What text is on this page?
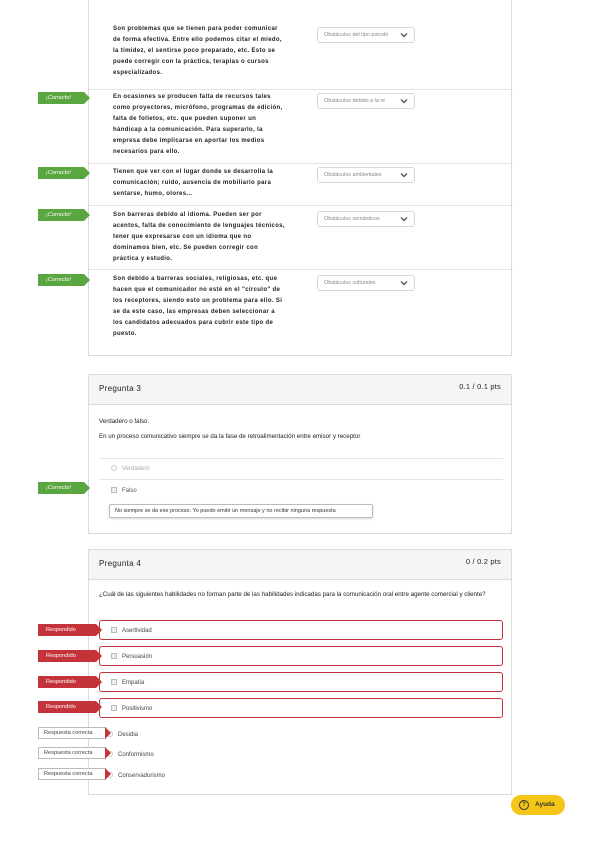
Son problemas que se tienen para poder comunicar de forma efectiva. Entre ello podemos citar el miedo, la timidez, el sentirse poco preparado, etc. Esto se puede corregir con la práctica, terapias o cursos especializados.
Obstáculos del tipo psicoló
En ocasiones se producen falta de recursos tales como proyectores, micrófono, programas de edición, falta de folletos, etc. que pueden suponer un hándicap a la comunicación. Para superarlo, la empresa debe implicarse en aportar los medios necesarios para ello.
Obstáculos debido a la re
Tienen que ver con el lugar donde se desarrolla la comunicación; ruido, ausencia de mobiliario para sentarse, humo, olores...
Obstáculos ambientales
Son barreras debido al idioma. Pueden ser por acentos, falta de conocimiento de lenguajes técnicos, tener que expresarse con un idioma que no dominamos bien, etc. Se pueden corregir con práctica y estudio.
Obstáculos semánticos
Son debido a barreras sociales, religiosas, etc. que hacen que el comunicador no esté en el "círculo" de los receptores, siendo esto un problema para ello. Si se da este caso, las empresas deben seleccionar a los candidatos adecuados para cubrir este tipo de puesto.
Obstáculos culturales
¡Correcto!
¡Correcto!
¡Correcto!
¡Correcto!
Pregunta 3	0.1 / 0.1 pts
Verdadero o falso.
En un proceso comunicativo siempre se da la fase de retroalimentación entre emisor y receptor
Verdadero
Falso
No siempre se da ese proceso. Yo puedo emitir un mensaje y no recibir ninguna respuesta
¡Correcto!
Pregunta 4	0 / 0.2 pts
¿Cuál de las siguientes habilidades no forman parte de las habilidades indicadas para la comunicación oral entre agente comercial y cliente?
Asertividad
Persuasión
Empatía
Positivismo
Desidia
Conformismo
Conservadurismo
Respondido
Respondido
Respondido
Respondido
Respuesta correcta
Respuesta correcta
Respuesta correcta
?	Ayuda
